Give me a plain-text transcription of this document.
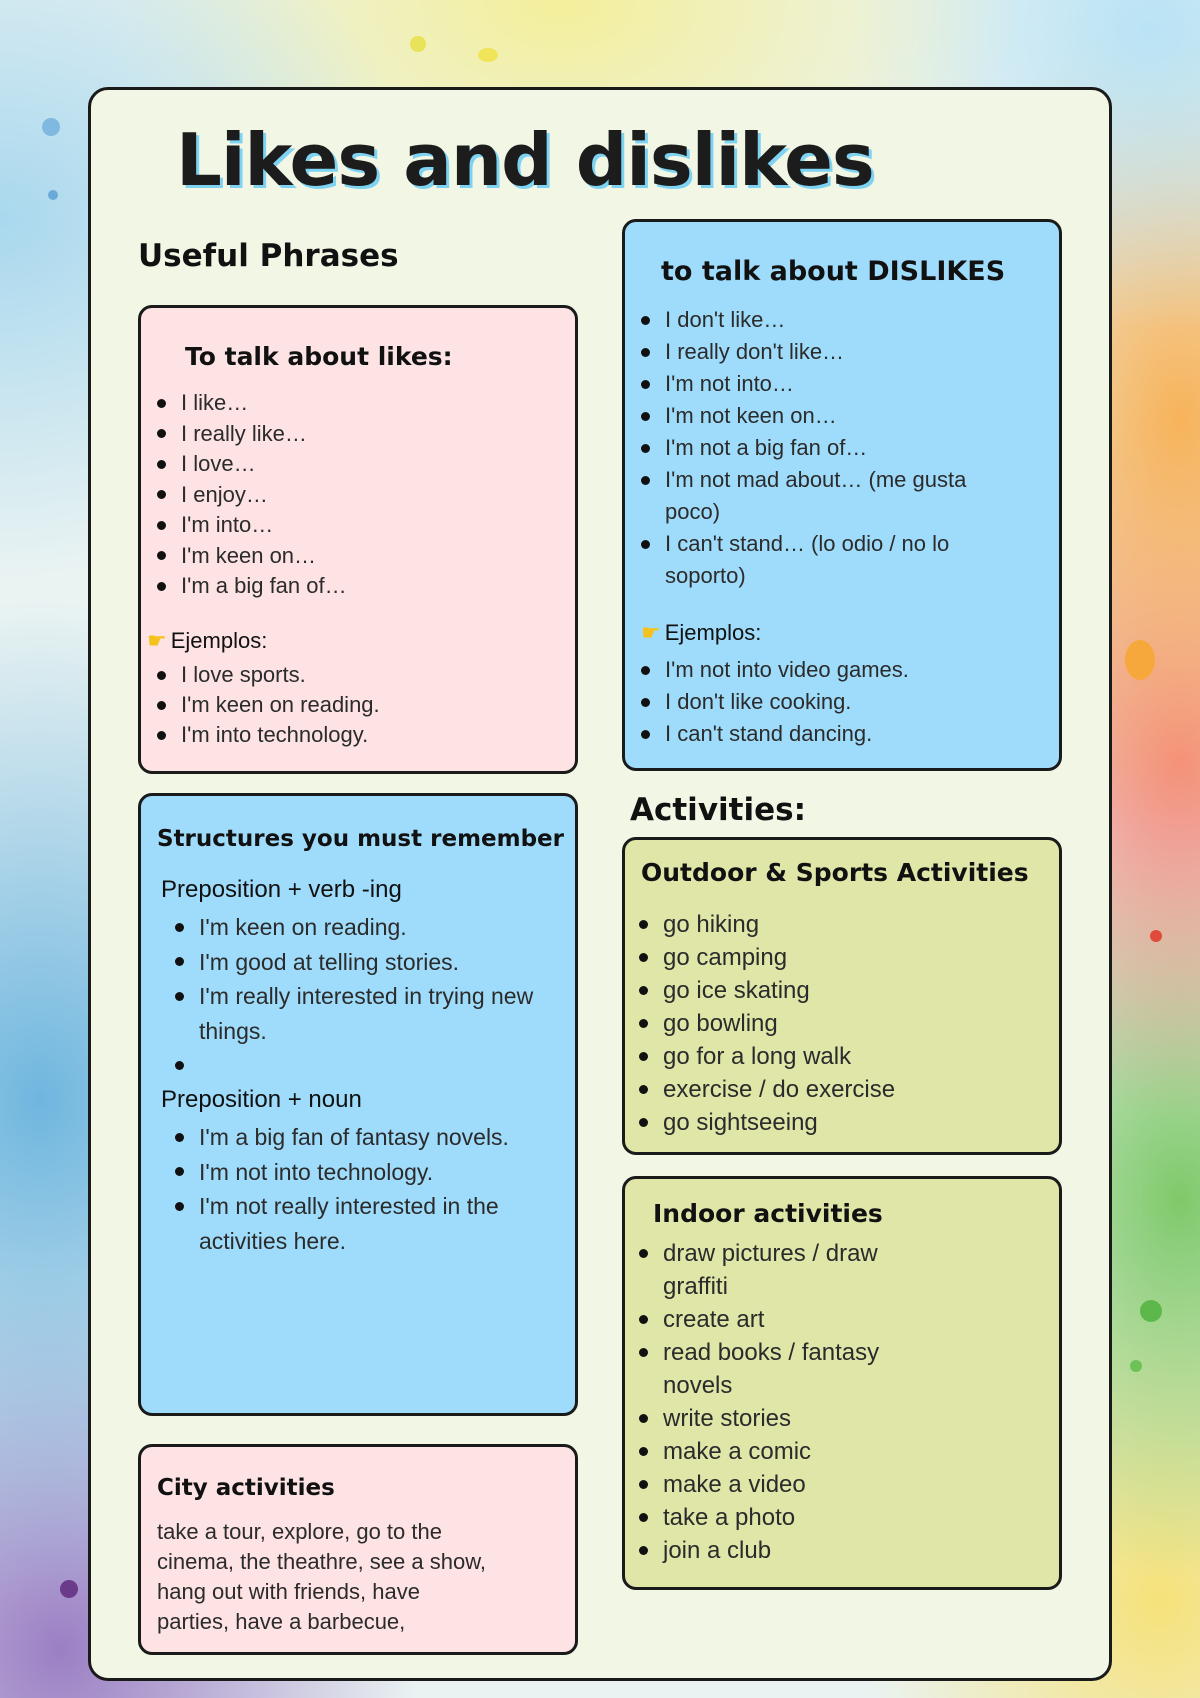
Likes and dislikes
Useful Phrases
To talk about likes:
I like…
I really like…
I love…
I enjoy…
I'm into…
I'm keen on…
I'm a big fan of…
☛ Ejemplos:
I love sports.
I'm keen on reading.
I'm into technology.
to talk about DISLIKES
I don't like…
I really don't like…
I'm not into…
I'm not keen on…
I'm not a big fan of…
I'm not mad about… (me gusta poco)
I can't stand… (lo odio / no lo soporto)
☛ Ejemplos:
I'm not into video games.
I don't like cooking.
I can't stand dancing.
Structures you must remember

Preposition + verb -ing

I'm keen on reading.
I'm good at telling stories.
I'm really interested in trying new things.

Preposition + noun

I'm a big fan of fantasy novels.
I'm not into technology.
I'm not really interested in the activities here.
City activities

take a tour, explore, go to the cinema, the theathre, see a show, hang out with friends, have parties, have a barbecue,

Activities:
Outdoor & Sports Activities
go hiking
go camping
go ice skating
go bowling
go for a long walk
exercise / do exercise
go sightseeing
Indoor activities
draw pictures / draw graffiti
create art
read books / fantasy novels
write stories
make a comic
make a video
take a photo
join a club
